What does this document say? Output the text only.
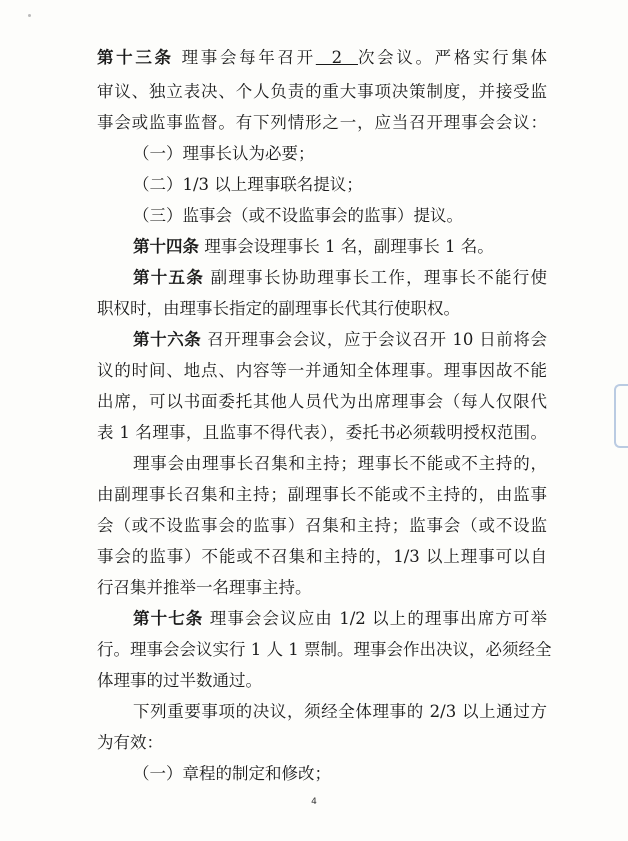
第十三条 理事会每年召开  2  次会议。严格实行集体
审议、独立表决、个人负责的重大事项决策制度，并接受监
事会或监事监督。有下列情形之一，应当召开理事会会议：
（一）理事长认为必要；
（二）1/3 以上理事联名提议；
（三）监事会（或不设监事会的监事）提议。
第十四条 理事会设理事长 1 名，副理事长 1 名。
第十五条 副理事长协助理事长工作，理事长不能行使
职权时，由理事长指定的副理事长代其行使职权。
第十六条 召开理事会会议，应于会议召开 10 日前将会
议的时间、地点、内容等一并通知全体理事。理事因故不能
出席，可以书面委托其他人员代为出席理事会（每人仅限代
表 1 名理事，且监事不得代表），委托书必须载明授权范围。
理事会由理事长召集和主持；理事长不能或不主持的，
由副理事长召集和主持；副理事长不能或不主持的，由监事
会（或不设监事会的监事）召集和主持；监事会（或不设监
事会的监事）不能或不召集和主持的，1/3 以上理事可以自
行召集并推举一名理事主持。
第十七条 理事会会议应由 1/2 以上的理事出席方可举
行。理事会会议实行 1 人 1 票制。理事会作出决议，必须经全
体理事的过半数通过。
下列重要事项的决议，须经全体理事的 2/3 以上通过方
为有效：
（一）章程的制定和修改；
4
